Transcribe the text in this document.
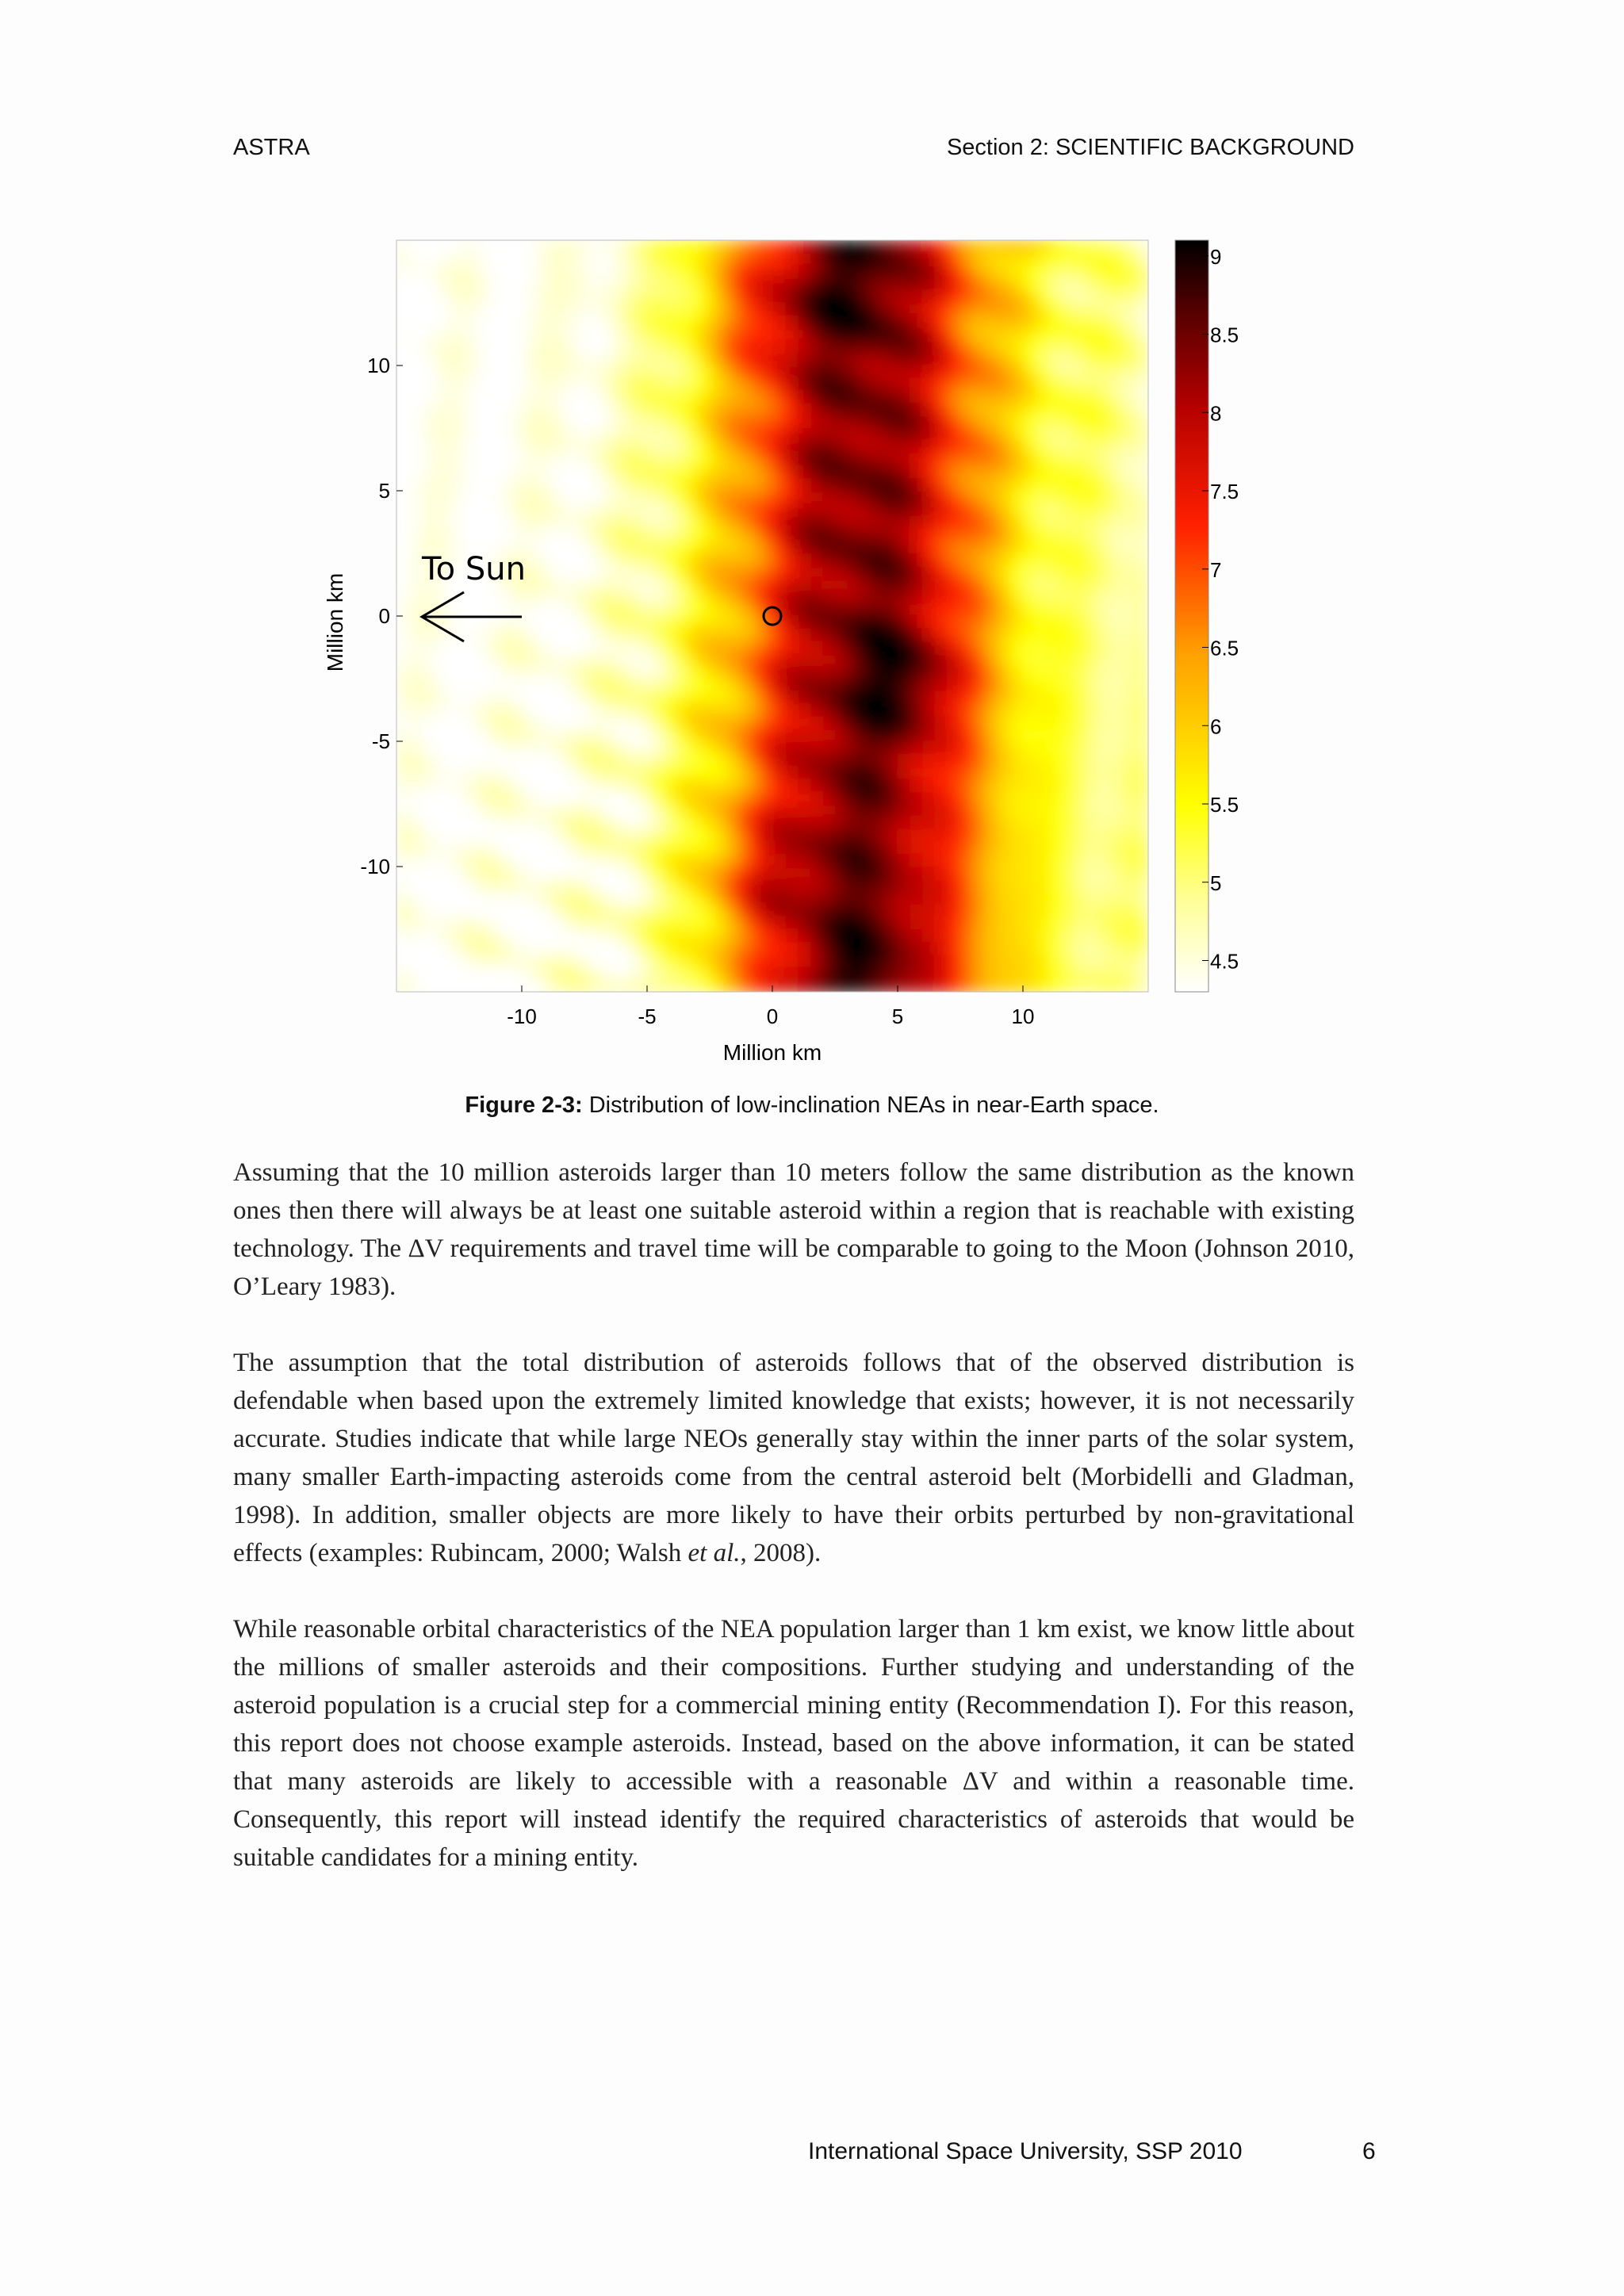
ASTRA	Section 2: SCIENTIFIC BACKGROUND
-10	-5	0	5	10
10
5
0
-5
-10
Million km
Million km
To Sun
9
8.5
8
7.5
7
6.5
6
5.5
5
4.5
Figure 2-3: Distribution of low-inclination NEAs in near-Earth space.

Assuming that the 10 million asteroids larger than 10 meters follow the same distribution as the known ones then there will always be at least one suitable asteroid within a region that is reachable with existing technology. The ΔV requirements and travel time will be comparable to going to the Moon (Johnson 2010, O’Leary 1983).

The assumption that the total distribution of asteroids follows that of the observed distribution is defendable when based upon the extremely limited knowledge that exists; however, it is not necessarily accurate. Studies indicate that while large NEOs generally stay within the inner parts of the solar system, many smaller Earth-impacting asteroids come from the central asteroid belt (Morbidelli and Gladman, 1998). In addition, smaller objects are more likely to have their orbits perturbed by non-gravitational effects (examples: Rubincam, 2000; Walsh et al., 2008).

While reasonable orbital characteristics of the NEA population larger than 1 km exist, we know little about the millions of smaller asteroids and their compositions. Further studying and understanding of the asteroid population is a crucial step for a commercial mining entity (Recommendation I). For this reason, this report does not choose example asteroids. Instead, based on the above information, it can be stated that many asteroids are likely to accessible with a reasonable ΔV and within a reasonable time. Consequently, this report will instead identify the required characteristics of asteroids that would be suitable candidates for a mining entity.

International Space University, SSP 2010	6
